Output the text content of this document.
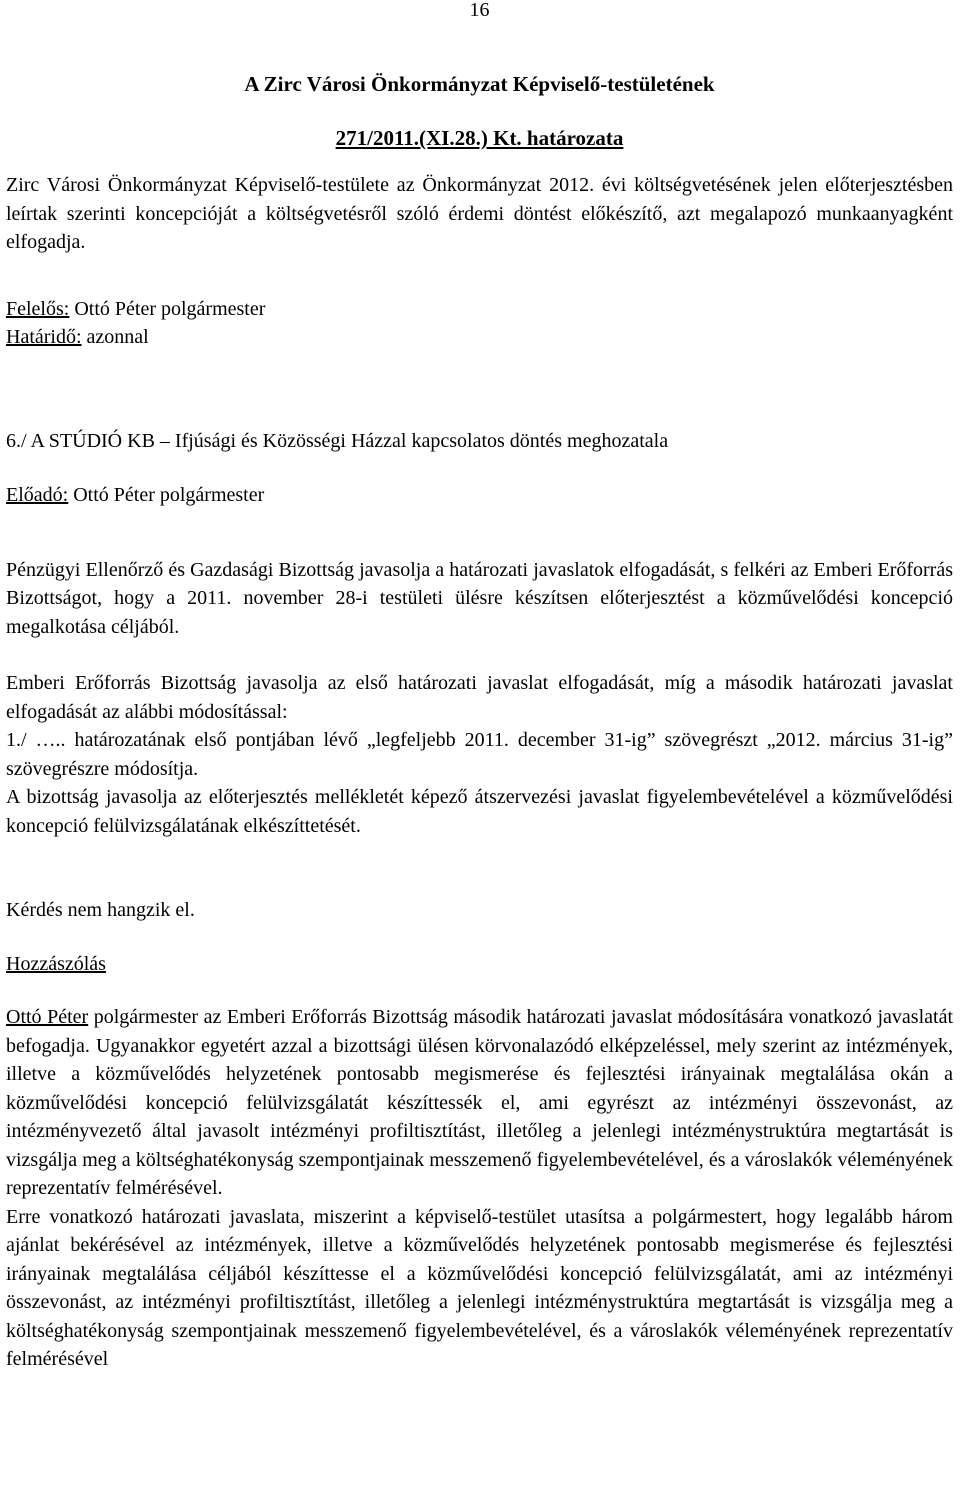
16
A Zirc Városi Önkormányzat Képviselő-testületének
271/2011.(XI.28.) Kt. határozata

Zirc Városi Önkormányzat Képviselő-testülete az Önkormányzat 2012. évi költségvetésének jelen előterjesztésben leírtak szerinti koncepcióját a költségvetésről szóló érdemi döntést előkészítő, azt megalapozó munkaanyagként elfogadja.

Felelős: Ottó Péter polgármester
Határidő: azonnal
6./ A STÚDIÓ KB – Ifjúsági és Közösségi Házzal kapcsolatos döntés meghozatala
Előadó: Ottó Péter polgármester

Pénzügyi Ellenőrző és Gazdasági Bizottság javasolja a határozati javaslatok elfogadását, s felkéri az Emberi Erőforrás Bizottságot, hogy a 2011. november 28-i testületi ülésre készítsen előterjesztést a közművelődési koncepció megalkotása céljából.

Emberi Erőforrás Bizottság javasolja az első határozati javaslat elfogadását, míg a második határozati javaslat elfogadását az alábbi módosítással:

1./ ….. határozatának első pontjában lévő „legfeljebb 2011. december 31-ig” szövegrészt „2012. március 31-ig” szövegrészre módosítja.

A bizottság javasolja az előterjesztés mellékletét képező átszervezési javaslat figyelembevételével a közművelődési koncepció felülvizsgálatának elkészíttetését.

Kérdés nem hangzik el.
Hozzászólás

Ottó Péter polgármester az Emberi Erőforrás Bizottság második határozati javaslat módosítására vonatkozó javaslatát befogadja. Ugyanakkor egyetért azzal a bizottsági ülésen körvonalazódó elképzeléssel, mely szerint az intézmények, illetve a közművelődés helyzetének pontosabb megismerése és fejlesztési irányainak megtalálása okán a közművelődési koncepció felülvizsgálatát készíttessék el, ami egyrészt az intézményi összevonást, az intézményvezető által javasolt intézményi profiltisztítást, illetőleg a jelenlegi intézménystruktúra megtartását is vizsgálja meg a költséghatékonyság szempontjainak messzemenő figyelembevételével, és a városlakók véleményének reprezentatív felmérésével.

Erre vonatkozó határozati javaslata, miszerint a képviselő-testület utasítsa a polgármestert, hogy legalább három ajánlat bekérésével az intézmények, illetve a közművelődés helyzetének pontosabb megismerése és fejlesztési irányainak megtalálása céljából készíttesse el a közművelődési koncepció felülvizsgálatát, ami az intézményi összevonást, az intézményi profiltisztítást, illetőleg a jelenlegi intézménystruktúra megtartását is vizsgálja meg a költséghatékonyság szempontjainak messzemenő figyelembevételével, és a városlakók véleményének reprezentatív felmérésével
